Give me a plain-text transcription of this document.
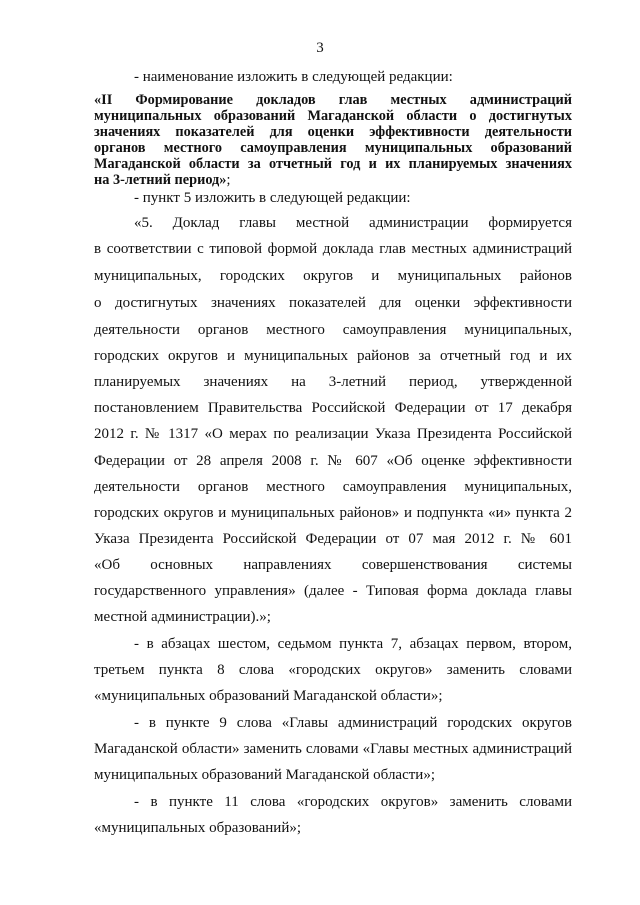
3
- наименование изложить в следующей редакции:
«II Формирование докладов глав местных администраций
муниципальных образований Магаданской области о достигнутых
значениях показателей для оценки эффективности деятельности
органов местного самоуправления муниципальных образований
Магаданской области за отчетный год и их планируемых значениях
на 3-летний период»;
- пункт 5 изложить в следующей редакции:
«5. Доклад главы местной администрации формируется
в соответствии с типовой формой доклада глав местных администраций
муниципальных, городских округов и муниципальных районов
о достигнутых значениях показателей для оценки эффективности
деятельности органов местного самоуправления муниципальных,
городских округов и муниципальных районов за отчетный год и их
планируемых значениях на 3-летний период, утвержденной
постановлением Правительства Российской Федерации от 17 декабря
2012 г. № 1317 «О мерах по реализации Указа Президента Российской
Федерации от 28 апреля 2008 г. № 607 «Об оценке эффективности
деятельности органов местного самоуправления муниципальных,
городских округов и муниципальных районов» и подпункта «и» пункта 2
Указа Президента Российской Федерации от 07 мая 2012 г. № 601
«Об основных направлениях совершенствования системы
государственного управления» (далее - Типовая форма доклада главы
местной администрации).»;
- в абзацах шестом, седьмом пункта 7, абзацах первом, втором,
третьем пункта 8 слова «городских округов» заменить словами
«муниципальных образований Магаданской области»;
- в пункте 9 слова «Главы администраций городских округов
Магаданской области» заменить словами «Главы местных администраций
муниципальных образований Магаданской области»;
- в пункте 11 слова «городских округов» заменить словами
«муниципальных образований»;
